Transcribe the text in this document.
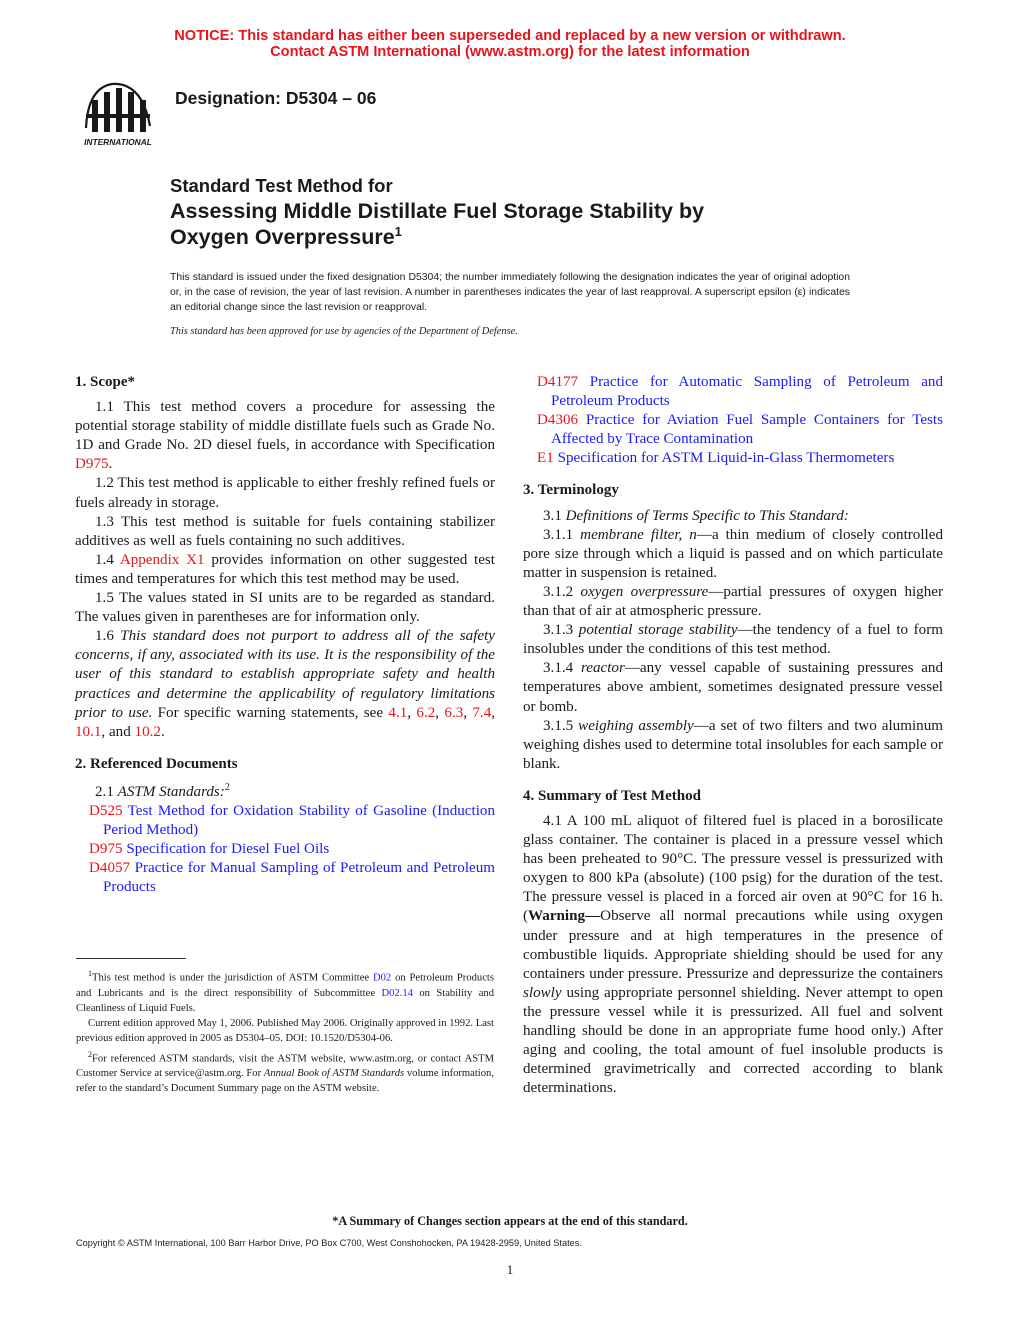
NOTICE: This standard has either been superseded and replaced by a new version or withdrawn.
Contact ASTM International (www.astm.org) for the latest information
INTERNATIONAL
Designation: D5304 – 06
Standard Test Method for
Assessing Middle Distillate Fuel Storage Stability by
Oxygen Overpressure$^1$
This standard is issued under the fixed designation D5304; the number immediately following the designation indicates the year of original adoption or, in the case of revision, the year of last revision. A number in parentheses indicates the year of last reapproval. A superscript epsilon (ε) indicates an editorial change since the last revision or reapproval.
This standard has been approved for use by agencies of the Department of Defense.
1. Scope*

1.1 This test method covers a procedure for assessing the potential storage stability of middle distillate fuels such as Grade No. 1D and Grade No. 2D diesel fuels, in accordance with Specification D975.

1.2 This test method is applicable to either freshly refined fuels or fuels already in storage.

1.3 This test method is suitable for fuels containing stabilizer additives as well as fuels containing no such additives.

1.4 Appendix X1 provides information on other suggested test times and temperatures for which this test method may be used.

1.5 The values stated in SI units are to be regarded as standard. The values given in parentheses are for information only.

1.6 This standard does not purport to address all of the safety concerns, if any, associated with its use. It is the responsibility of the user of this standard to establish appropriate safety and health practices and determine the applicability of regulatory limitations prior to use. For specific warning statements, see 4.1, 6.2, 6.3, 7.4, 10.1, and 10.2.

2. Referenced Documents

2.1 ASTM Standards:$^2$

D525 Test Method for Oxidation Stability of Gasoline (Induction Period Method)

D975 Specification for Diesel Fuel Oils

D4057 Practice for Manual Sampling of Petroleum and Petroleum Products

$^1$This test method is under the jurisdiction of ASTM Committee D02 on Petroleum Products and Lubricants and is the direct responsibility of Subcommittee D02.14 on Stability and Cleanliness of Liquid Fuels.

Current edition approved May 1, 2006. Published May 2006. Originally approved in 1992. Last previous edition approved in 2005 as D5304–05. DOI: 10.1520/D5304-06.

$^2$For referenced ASTM standards, visit the ASTM website, www.astm.org, or contact ASTM Customer Service at service@astm.org. For Annual Book of ASTM Standards volume information, refer to the standard’s Document Summary page on the ASTM website.

D4177 Practice for Automatic Sampling of Petroleum and Petroleum Products

D4306 Practice for Aviation Fuel Sample Containers for Tests Affected by Trace Contamination

E1 Specification for ASTM Liquid-in-Glass Thermometers

3. Terminology

3.1 Definitions of Terms Specific to This Standard:

3.1.1 membrane filter, n—a thin medium of closely controlled pore size through which a liquid is passed and on which particulate matter in suspension is retained.

3.1.2 oxygen overpressure—partial pressures of oxygen higher than that of air at atmospheric pressure.

3.1.3 potential storage stability—the tendency of a fuel to form insolubles under the conditions of this test method.

3.1.4 reactor—any vessel capable of sustaining pressures and temperatures above ambient, sometimes designated pressure vessel or bomb.

3.1.5 weighing assembly—a set of two filters and two aluminum weighing dishes used to determine total insolubles for each sample or blank.

4. Summary of Test Method

4.1 A 100 mL aliquot of filtered fuel is placed in a borosilicate glass container. The container is placed in a pressure vessel which has been preheated to 90°C. The pressure vessel is pressurized with oxygen to 800 kPa (absolute) (100 psig) for the duration of the test. The pressure vessel is placed in a forced air oven at 90°C for 16 h. (Warning—Observe all normal precautions while using oxygen under pressure and at high temperatures in the presence of combustible liquids. Appropriate shielding should be used for any containers under pressure. Pressurize and depressurize the containers slowly using appropriate personnel shielding. Never attempt to open the pressure vessel while it is pressurized. All fuel and solvent handling should be done in an appropriate fume hood only.) After aging and cooling, the total amount of fuel insoluble products is determined gravimetrically and corrected according to blank determinations.

*A Summary of Changes section appears at the end of this standard.
Copyright © ASTM International, 100 Barr Harbor Drive, PO Box C700, West Conshohocken, PA 19428-2959, United States.
1
